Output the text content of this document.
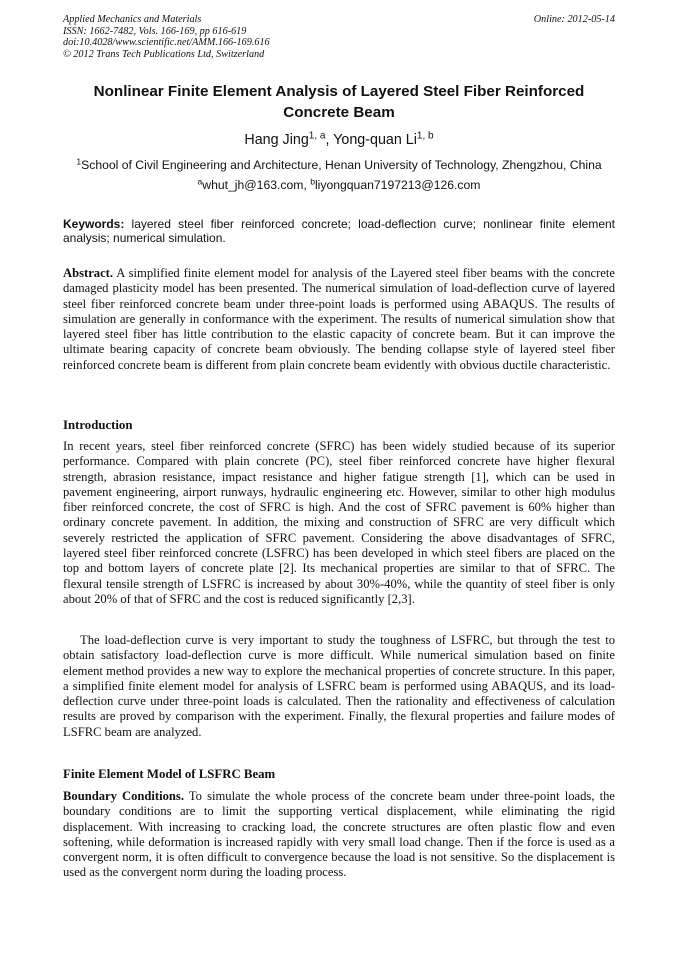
Applied Mechanics and Materials
ISSN: 1662-7482, Vols. 166-169, pp 616-619
doi:10.4028/www.scientific.net/AMM.166-169.616
© 2012 Trans Tech Publications Ltd, Switzerland
Online: 2012-05-14
Nonlinear Finite Element Analysis of Layered Steel Fiber Reinforced Concrete Beam
Hang Jing$^{1, a}$, Yong-quan Li$^{1, b}$
$^1$School of Civil Engineering and Architecture, Henan University of Technology, Zhengzhou, China
$^a$whut_jh@163.com, $^b$liyongquan7197213@126.com
Keywords: layered steel fiber reinforced concrete; load-deflection curve; nonlinear finite element analysis; numerical simulation.
Abstract. A simplified finite element model for analysis of the Layered steel fiber beams with the concrete damaged plasticity model has been presented. The numerical simulation of load-deflection curve of layered steel fiber reinforced concrete beam under three-point loads is performed using ABAQUS. The results of simulation are generally in conformance with the experiment. The results of numerical simulation show that layered steel fiber has little contribution to the elastic capacity of concrete beam. But it can improve the ultimate bearing capacity of concrete beam obviously. The bending collapse style of layered steel fiber reinforced concrete beam is different from plain concrete beam evidently with obvious ductile characteristic.
Introduction
In recent years, steel fiber reinforced concrete (SFRC) has been widely studied because of its superior performance. Compared with plain concrete (PC), steel fiber reinforced concrete have higher flexural strength, abrasion resistance, impact resistance and higher fatigue strength [1], which can be used in pavement engineering, airport runways, hydraulic engineering etc. However, similar to other high modulus fiber reinforced concrete, the cost of SFRC is high. And the cost of SFRC pavement is 60% higher than ordinary concrete pavement. In addition, the mixing and construction of SFRC are very difficult which severely restricted the application of SFRC pavement. Considering the above disadvantages of SFRC, layered steel fiber reinforced concrete (LSFRC) has been developed in which steel fibers are placed on the top and bottom layers of concrete plate [2]. Its mechanical properties are similar to that of SFRC. The flexural tensile strength of LSFRC is increased by about 30%-40%, while the quantity of steel fiber is only about 20% of that of SFRC and the cost is reduced significantly [2,3].
The load-deflection curve is very important to study the toughness of LSFRC, but through the test to obtain satisfactory load-deflection curve is more difficult. While numerical simulation based on finite element method provides a new way to explore the mechanical properties of concrete structure. In this paper, a simplified finite element model for analysis of LSFRC beam is performed using ABAQUS, and its load-deflection curve under three-point loads is calculated. Then the rationality and effectiveness of calculation results are proved by comparison with the experiment. Finally, the flexural properties and failure modes of LSFRC beam are analyzed.
Finite Element Model of LSFRC Beam
Boundary Conditions. To simulate the whole process of the concrete beam under three-point loads, the boundary conditions are to limit the supporting vertical displacement, while eliminating the rigid displacement. With increasing to cracking load, the concrete structures are often plastic flow and even softening, while deformation is increased rapidly with very small load change. Then if the force is used as a convergent norm, it is often difficult to convergence because the load is not sensitive. So the displacement is used as the convergent norm during the loading process.
